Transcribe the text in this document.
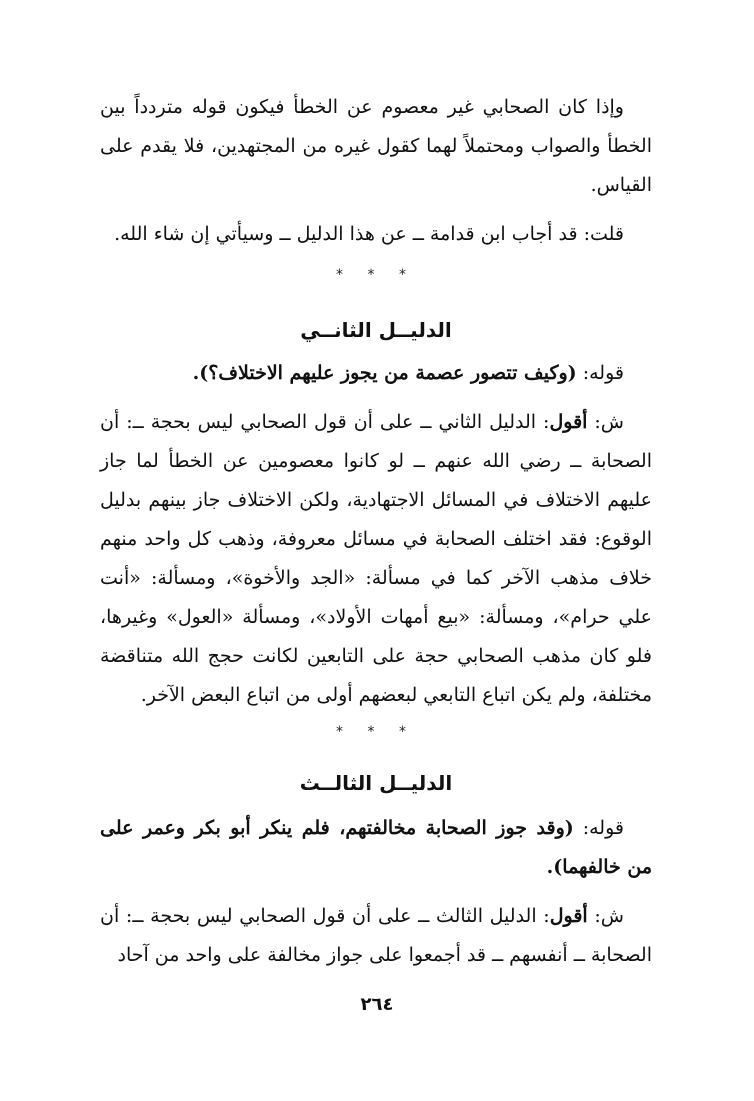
وإذا كان الصحابي غير معصوم عن الخطأ فيكون قوله متردداً بين الخطأ والصواب ومحتملاً لهما كقول غيره من المجتهدين، فلا يقدم على القياس.

قلت: قد أجاب ابن قدامة ــ عن هذا الدليل ــ وسيأتي إن شاء الله.

* * *
الدليــل الثانــي

قوله: (وكيف تتصور عصمة من يجوز عليهم الاختلاف؟).

ش: أقول: الدليل الثاني ــ على أن قول الصحابي ليس بحجة ــ: أن الصحابة ــ رضي الله عنهم ــ لو كانوا معصومين عن الخطأ لما جاز عليهم الاختلاف في المسائل الاجتهادية، ولكن الاختلاف جاز بينهم بدليل الوقوع: فقد اختلف الصحابة في مسائل معروفة، وذهب كل واحد منهم خلاف مذهب الآخر كما في مسألة: «الجد والأخوة»، ومسألة: «أنت علي حرام»، ومسألة: «بيع أمهات الأولاد»، ومسألة «العول» وغيرها، فلو كان مذهب الصحابي حجة على التابعين لكانت حجج الله متناقضة مختلفة، ولم يكن اتباع التابعي لبعضهم أولى من اتباع البعض الآخر.

* * *
الدليــل الثالــث

قوله: (وقد جوز الصحابة مخالفتهم، فلم ينكر أبو بكر وعمر على من خالفهما).

ش: أقول: الدليل الثالث ــ على أن قول الصحابي ليس بحجة ــ: أن الصحابة ــ أنفسهم ــ قد أجمعوا على جواز مخالفة على واحد من آحاد

٢٦٤
